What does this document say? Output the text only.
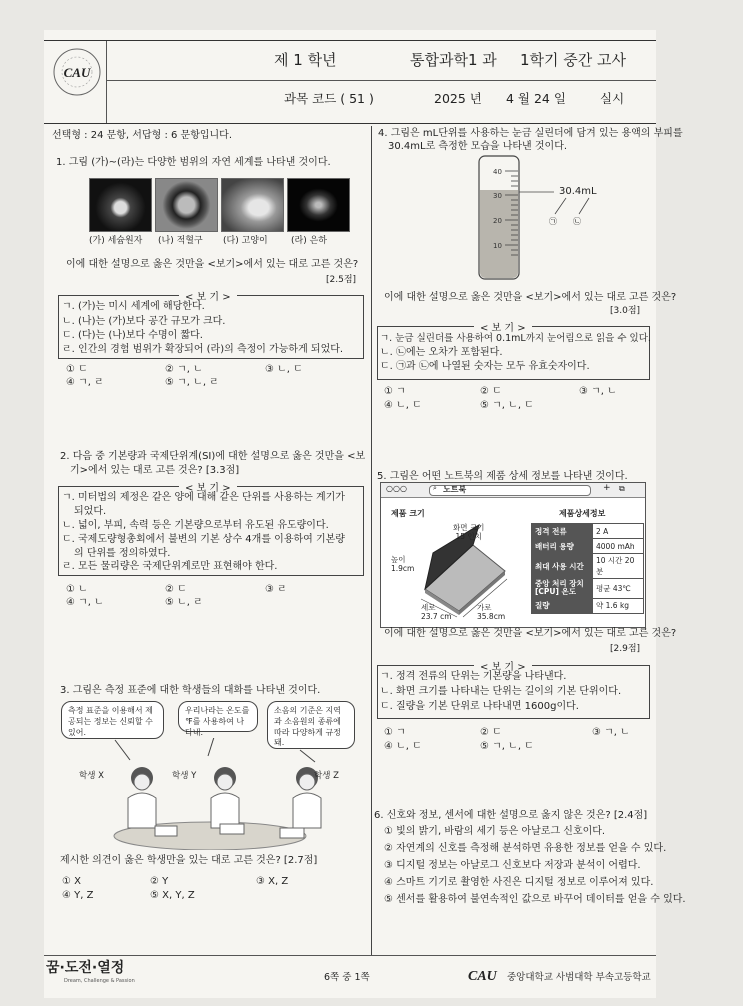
CAU
제 1 학년	통합과학1 과 1학기 중간 고사
과목 코드 ( 51 )	2025 년 4 월 24 일	실시
선택형 : 24 문항, 서답형 : 6 문항입니다.
1. 그림 (가)~(라)는 다양한 범위의 자연 세계를 나타낸 것이다.
(가) 세슘원자 (나) 적혈구 (다) 고양이	(라) 은하
이에 대한 설명으로 옳은 것만을 <보기>에서 있는 대로 고른 것은?
[2.5점]
< 보 기 >
ㄱ. (가)는 미시 세계에 해당한다.
ㄴ. (나)는 (가)보다 공간 규모가 크다.
ㄷ. (다)는 (나)보다 수명이 짧다.
ㄹ. 인간의 경험 범위가 확장되어 (라)의 측정이 가능하게 되었다.
① ㄷ	② ㄱ, ㄴ	③ ㄴ, ㄷ
④ ㄱ, ㄹ	⑤ ㄱ, ㄴ, ㄹ
2. 다음 중 기본량과 국제단위계(SI)에 대한 설명으로 옳은 것만을 <보
기>에서 있는 대로 고른 것은? [3.3점]
< 보 기 >
ㄱ. 미터법의 제정은 같은 양에 대해 같은 단위를 사용하는 계기가
되었다.
ㄴ. 넓이, 부피, 속력 등은 기본량으로부터 유도된 유도량이다.
ㄷ. 국제도량형총회에서 불변의 기본 상수 4개를 이용하여 기본량
의 단위를 정의하였다.
ㄹ. 모든 물리량은 국제단위계로만 표현해야 한다.
① ㄴ	② ㄷ	③ ㄹ
④ ㄱ, ㄴ	⑤ ㄴ, ㄹ
3. 그림은 측정 표준에 대한 학생들의 대화를 나타낸 것이다.
측정 표준을 이용해서 제공되는 정보는 신뢰할 수 있어.
우리나라는 온도를 ℉를 사용하여 나타내.
소음의 기준은 지역과 소음원의 종류에 따라 다양하게 규정돼.
학생 X	학생 Y	학생 Z
제시한 의견이 옳은 학생만을 있는 대로 고른 것은? [2.7점]
① X	② Y	③ X, Z
④ Y, Z	⑤ X, Y, Z
4. 그림은 mL단위를 사용하는 눈금 실린더에 담겨 있는 용액의 부피를
30.4mL로 측정한 모습을 나타낸 것이다.
40
30
20
10
30.4mL
㉠ ㉡
이에 대한 설명으로 옳은 것만을 <보기>에서 있는 대로 고른 것은?
[3.0점]
< 보 기 >
ㄱ. 눈금 실린더를 사용하여 0.1mL까지 눈어림으로 읽을 수 있다.
ㄴ. ㉡에는 오차가 포함된다.
ㄷ. ㉠과 ㉡에 나열된 숫자는 모두 유효숫자이다.
① ㄱ	② ㄷ	③ ㄱ, ㄴ
④ ㄴ, ㄷ	⑤ ㄱ, ㄴ, ㄷ
5. 그림은 어떤 노트북의 제품 상세 정보를 나타낸 것이다.
○○○	⌕ 노트북	+ ⧉
제품 크기
화면 크기
15 인치
높이
1.9cm
세로
23.7 cm
가로
35.8cm
제품상세정보
정격 전류	2 A
배터리 용량	4000 mAh
최대 사용 시간	10 시간 20 분
중앙 처리 장치 [CPU] 온도	평균 43℃
질량	약 1.6 kg
이에 대한 설명으로 옳은 것만을 <보기>에서 있는 대로 고른 것은?
[2.9점]
< 보 기 >
ㄱ. 정격 전류의 단위는 기본량을 나타낸다.
ㄴ. 화면 크기를 나타내는 단위는 길이의 기본 단위이다.
ㄷ. 질량을 기본 단위로 나타내면 1600g이다.
① ㄱ	② ㄷ	③ ㄱ, ㄴ
④ ㄴ, ㄷ	⑤ ㄱ, ㄴ, ㄷ
6. 신호와 정보, 센서에 대한 설명으로 옳지 않은 것은? [2.4점]
① 빛의 밝기, 바람의 세기 등은 아날로그 신호이다.
② 자연계의 신호를 측정해 분석하면 유용한 정보를 얻을 수 있다.
③ 디지털 정보는 아날로그 신호보다 저장과 분석이 어렵다.
④ 스마트 기기로 촬영한 사진은 디지털 정보로 이루어져 있다.
⑤ 센서를 활용하여 불연속적인 값으로 바꾸어 데이터를 얻을 수 있다.
꿈·도전·열정
Dream, Challenge & Passion	6쪽 중 1쪽	CAU 중앙대학교 사범대학 부속고등학교
